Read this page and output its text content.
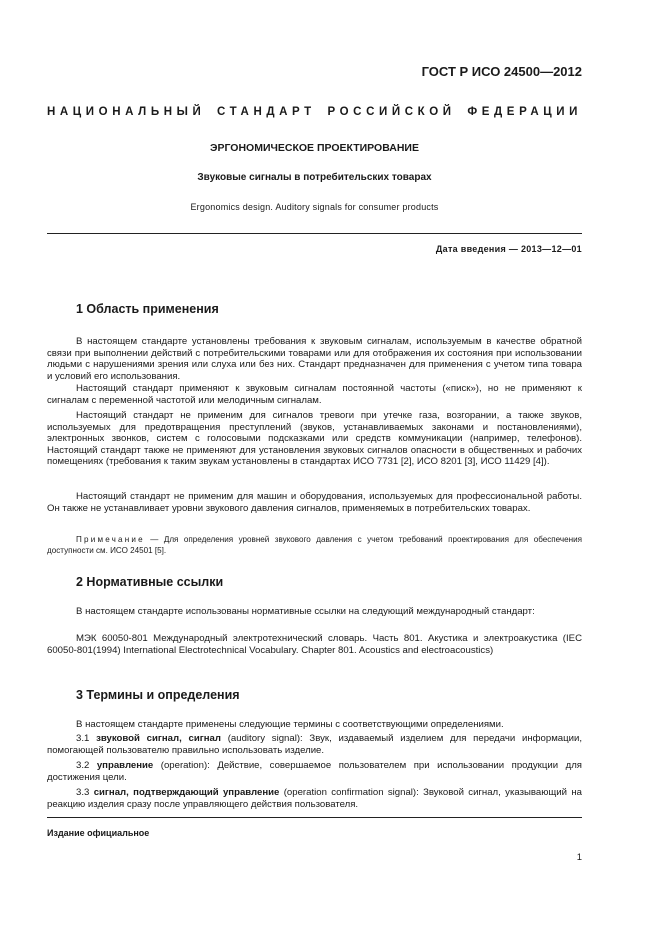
ГОСТ Р ИСО 24500—2012
НАЦИОНАЛЬНЫЙ СТАНДАРТ РОССИЙСКОЙ ФЕДЕРАЦИИ
ЭРГОНОМИЧЕСКОЕ ПРОЕКТИРОВАНИЕ
Звуковые сигналы в потребительских товарах
Ergonomics design. Auditory signals for consumer products
Дата введения — 2013—12—01
1 Область применения
В настоящем стандарте установлены требования к звуковым сигналам, используемым в качестве обратной связи при выполнении действий с потребительскими товарами или для отображения их состояния при использовании людьми с нарушениями зрения или слуха или без них. Стандарт предназначен для применения с учетом типа товара и условий его использования.
Настоящий стандарт применяют к звуковым сигналам постоянной частоты («писк»), но не применяют к сигналам с переменной частотой или мелодичным сигналам.
Настоящий стандарт не применим для сигналов тревоги при утечке газа, возгорании, а также звуков, используемых для предотвращения преступлений (звуков, устанавливаемых законами и постановлениями), электронных звонков, систем с голосовыми подсказками или средств коммуникации (например, телефонов). Настоящий стандарт также не применяют для установления звуковых сигналов опасности в общественных и рабочих помещениях (требования к таким звукам установлены в стандартах ИСО 7731 [2], ИСО 8201 [3], ИСО 11429 [4]).
Настоящий стандарт не применим для машин и оборудования, используемых для профессиональной работы. Он также не устанавливает уровни звукового давления сигналов, применяемых в потребительских товарах.
Примечание — Для определения уровней звукового давления с учетом требований проектирования для обеспечения доступности см. ИСО 24501 [5].
2 Нормативные ссылки
В настоящем стандарте использованы нормативные ссылки на следующий международный стандарт:
МЭК 60050-801 Международный электротехнический словарь. Часть 801. Акустика и электроакустика (IEC 60050-801(1994) International Electrotechnical Vocabulary. Chapter 801. Acoustics and electroacoustics)
3 Термины и определения
В настоящем стандарте применены следующие термины с соответствующими определениями.
3.1 звуковой сигнал, сигнал (auditory signal): Звук, издаваемый изделием для передачи информации, помогающей пользователю правильно использовать изделие.
3.2 управление (operation): Действие, совершаемое пользователем при использовании продукции для достижения цели.
3.3 сигнал, подтверждающий управление (operation confirmation signal): Звуковой сигнал, указывающий на реакцию изделия сразу после управляющего действия пользователя.
Издание официальное
1
